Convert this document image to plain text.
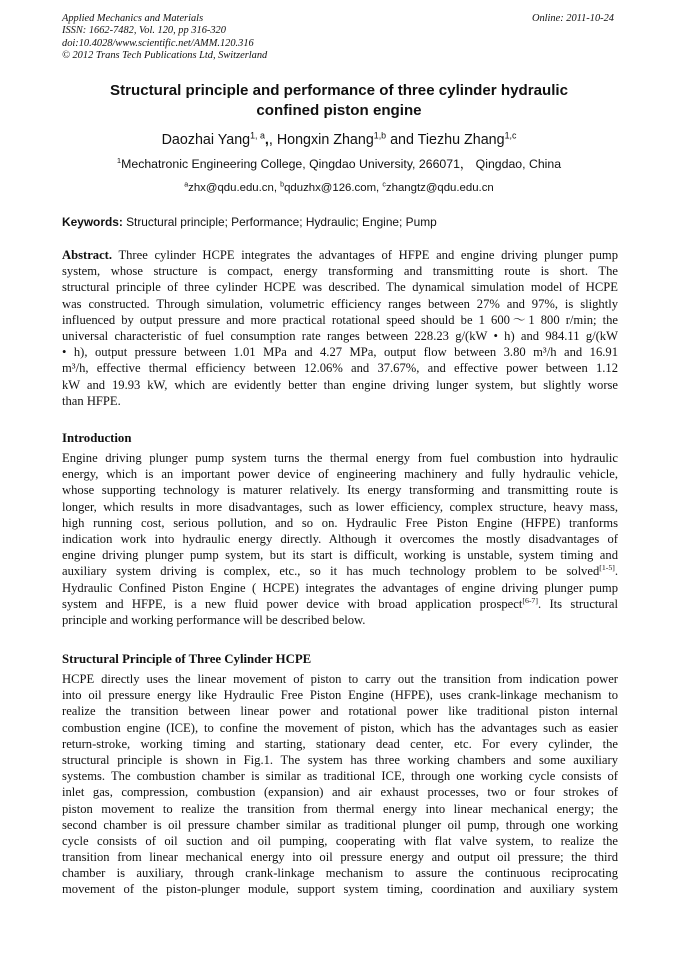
Applied Mechanics and Materials
ISSN: 1662-7482, Vol. 120, pp 316-320
doi:10.4028/www.scientific.net/AMM.120.316
© 2012 Trans Tech Publications Ltd, Switzerland
Online: 2011-10-24
Structural principle and performance of three cylinder hydraulic
confined piston engine
Daozhai Yang$^{1, a}$,, Hongxin Zhang$^{1,b}$ and Tiezhu Zhang$^{1,c}$
$^1$Mechatronic Engineering College, Qingdao University, 266071， Qingdao, China
$^a$zhx@qdu.edu.cn, $^b$qduzhx@126.com, $^c$zhangtz@qdu.edu.cn
Keywords: Structural principle; Performance; Hydraulic; Engine; Pump
Abstract. Three cylinder HCPE integrates the advantages of HFPE and engine driving plunger pump
system, whose structure is compact, energy transforming and transmitting route is short. The
structural principle of three cylinder HCPE was described. The dynamical simulation model of HCPE
was constructed. Through simulation, volumetric efficiency ranges between 27% and 97%, is slightly
influenced by output pressure and more practical rotational speed should be 1 600～1 800 r/min; the
universal characteristic of fuel consumption rate ranges between 228.23 g/(kW • h) and 984.11 g/(kW
• h), output pressure between 1.01 MPa and 4.27 MPa, output flow between 3.80 m³/h and 16.91
m³/h, effective thermal efficiency between 12.06% and 37.67%, and effective power between 1.12
kW and 19.93 kW, which are evidently better than engine driving lunger system, but slightly worse
than HFPE.
Introduction
Engine driving plunger pump system turns the thermal energy from fuel combustion into hydraulic
energy, which is an important power device of engineering machinery and fully hydraulic vehicle,
whose supporting technology is maturer relatively. Its energy transforming and transmitting route is
longer, which results in more disadvantages, such as lower efficiency, complex structure, heavy mass,
high running cost, serious pollution, and so on. Hydraulic Free Piston Engine (HFPE) tranforms
indication work into hydraulic energy directly. Although it overcomes the mostly disadvantages of
engine driving plunger pump system, but its start is difficult, working is unstable, system timing and
auxiliary system driving is complex, etc., so it has much technology problem to be solved[1-5].
Hydraulic Confined Piston Engine ( HCPE) integrates the advantages of engine driving plunger pump
system and HFPE, is a new fluid power device with broad application prospect[6-7]. Its structural
principle and working performance will be described below.
Structural Principle of Three Cylinder HCPE
HCPE directly uses the linear movement of piston to carry out the transition from indication power
into oil pressure energy like Hydraulic Free Piston Engine (HFPE), uses crank-linkage mechanism to
realize the transition between linear power and rotational power like traditional piston internal
combustion engine (ICE), to confine the movement of piston, which has the advantages such as easier
return-stroke, working timing and starting, stationary dead center, etc. For every cylinder, the
structural principle is shown in Fig.1. The system has three working chambers and some auxiliary
systems. The combustion chamber is similar as traditional ICE, through one working cycle consists of
inlet gas, compression, combustion (expansion) and air exhaust processes, two or four strokes of
piston movement to realize the transition from thermal energy into linear mechanical energy; the
second chamber is oil pressure chamber similar as traditional plunger oil pump, through one working
cycle consists of oil suction and oil pumping, cooperating with flat valve system, to realize the
transition from linear mechanical energy into oil pressure energy and output oil pressure; the third
chamber is auxiliary, through crank-linkage mechanism to assure the continuous reciprocating
movement of the piston-plunger module, support system timing, coordination and auxiliary system
